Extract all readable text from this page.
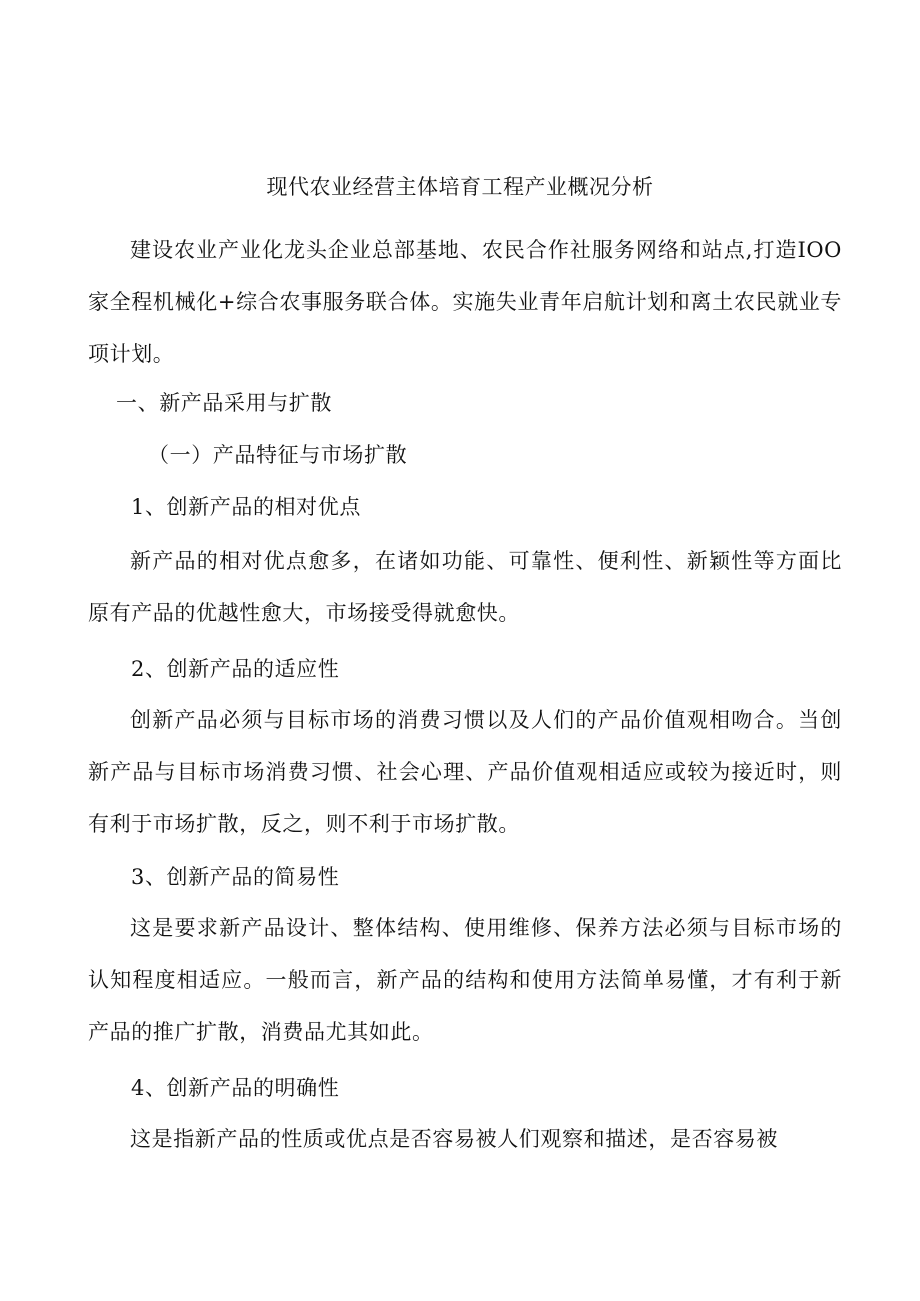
现代农业经营主体培育工程产业概况分析

建设农业产业化龙头企业总部基地、农民合作社服务网络和站点,打造IOO家全程机械化+综合农事服务联合体。实施失业青年启航计划和离土农民就业专项计划。

一、新产品采用与扩散
（一）产品特征与市场扩散
1、创新产品的相对优点

新产品的相对优点愈多，在诸如功能、可靠性、便利性、新颖性等方面比原有产品的优越性愈大，市场接受得就愈快。

2、创新产品的适应性

创新产品必须与目标市场的消费习惯以及人们的产品价值观相吻合。当创新产品与目标市场消费习惯、社会心理、产品价值观相适应或较为接近时，则有利于市场扩散，反之，则不利于市场扩散。

3、创新产品的简易性

这是要求新产品设计、整体结构、使用维修、保养方法必须与目标市场的认知程度相适应。一般而言，新产品的结构和使用方法简单易懂，才有利于新产品的推广扩散，消费品尤其如此。

4、创新产品的明确性

这是指新产品的性质或优点是否容易被人们观察和描述，是否容易被
